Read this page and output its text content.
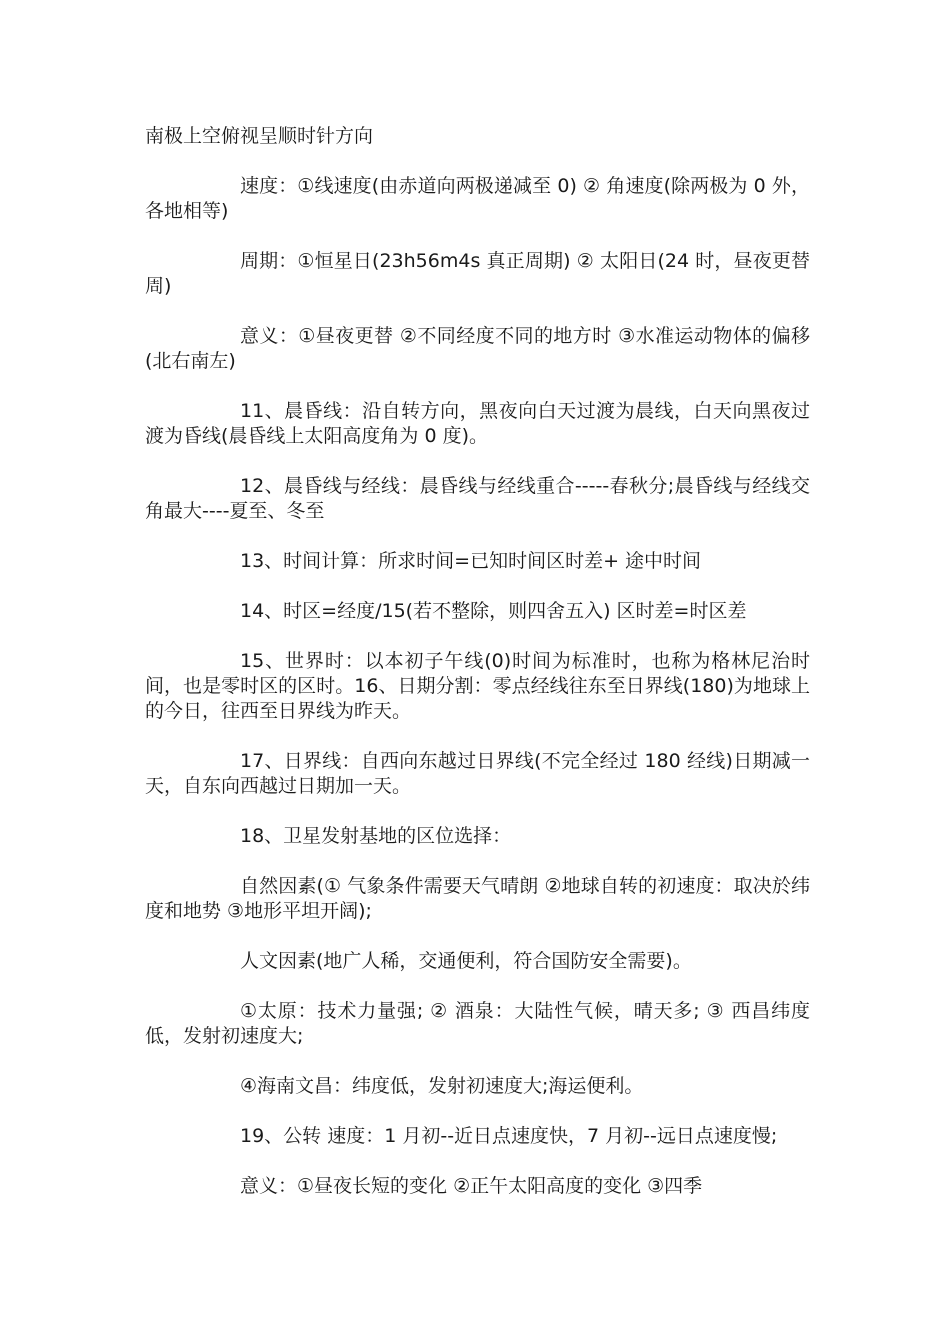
南极上空俯视呈顺时针方向

速度：①线速度(由赤道向两极递减至 0) ② 角速度(除两极为 0 外，各地相等)

周期：①恒星日(23h56m4s 真正周期) ② 太阳日(24 时，昼夜更替周)

意义：①昼夜更替 ②不同经度不同的地方时 ③水准运动物体的偏移(北右南左)

11、晨昏线：沿自转方向，黑夜向白天过渡为晨线，白天向黑夜过渡为昏线(晨昏线上太阳高度角为 0 度)。

12、晨昏线与经线：晨昏线与经线重合-----春秋分;晨昏线与经线交角最大----夏至、冬至

13、时间计算：所求时间=已知时间区时差+ 途中时间

14、时区=经度/15(若不整除，则四舍五入) 区时差=时区差

15、世界时：以本初子午线(0)时间为标准时，也称为格林尼治时间，也是零时区的区时。16、日期分割：零点经线往东至日界线(180)为地球上的今日，往西至日界线为昨天。

17、日界线：自西向东越过日界线(不完全经过 180 经线)日期减一天，自东向西越过日期加一天。

18、卫星发射基地的区位选择：

自然因素(① 气象条件需要天气晴朗 ②地球自转的初速度：取决於纬度和地势 ③地形平坦开阔);

人文因素(地广人稀，交通便利，符合国防安全需要)。

①太原：技术力量强; ② 酒泉：大陆性气候，晴天多; ③ 西昌纬度低，发射初速度大;

④海南文昌：纬度低，发射初速度大;海运便利。

19、公转 速度：1 月初--近日点速度快，7 月初--远日点速度慢;

意义：①昼夜长短的变化 ②正午太阳高度的变化 ③四季
